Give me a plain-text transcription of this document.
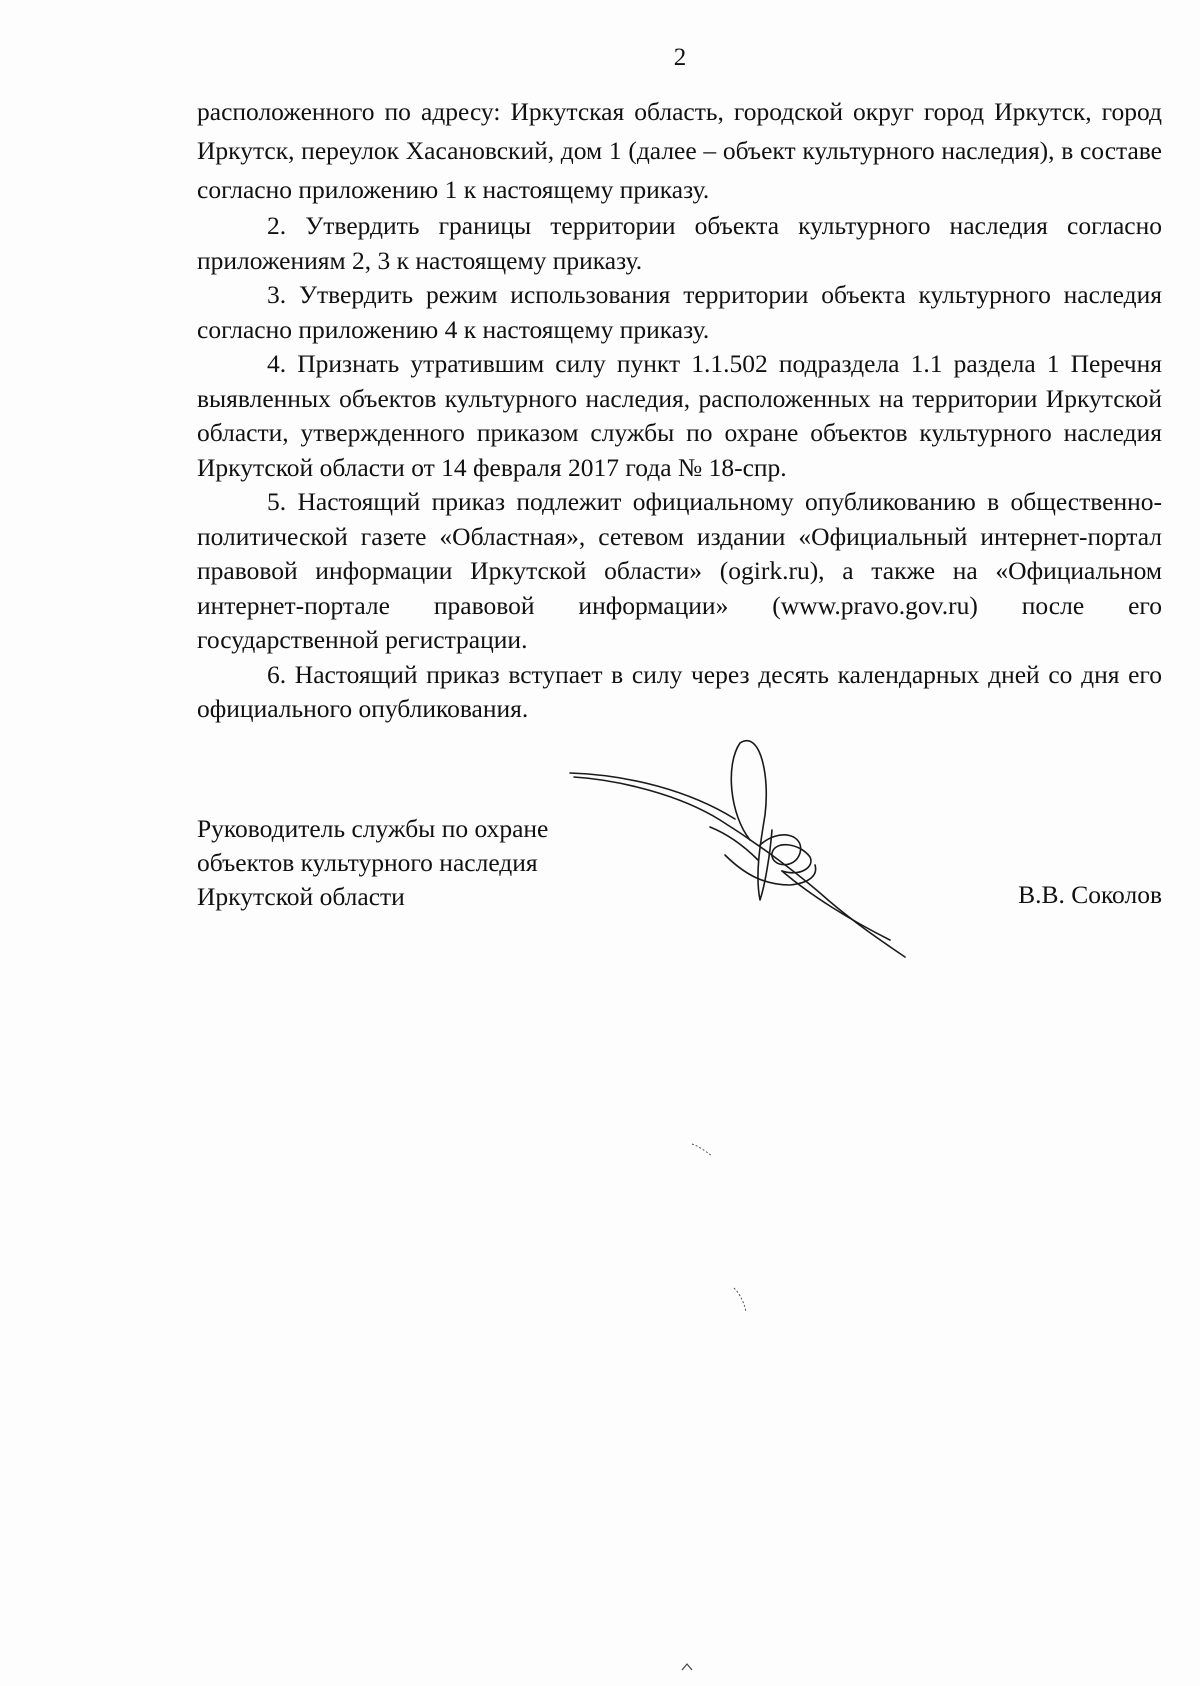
2

расположенного по адресу: Иркутская область, городской округ город Иркутск, город Иркутск, переулок Хасановский, дом 1 (далее – объект культурного наследия), в составе согласно приложению 1 к настоящему приказу.

2. Утвердить границы территории объекта культурного наследия согласно приложениям 2, 3 к настоящему приказу.

3. Утвердить режим использования территории объекта культурного наследия согласно приложению 4 к настоящему приказу.

4. Признать утратившим силу пункт 1.1.502 подраздела 1.1 раздела 1 Перечня выявленных объектов культурного наследия, расположенных на территории Иркутской области, утвержденного приказом службы по охране объектов культурного наследия Иркутской области от 14 февраля 2017 года № 18-спр.

5. Настоящий приказ подлежит официальному опубликованию в общественно-политической газете «Областная», сетевом издании «Официальный интернет-портал правовой информации Иркутской области» (ogirk.ru), а также на «Официальном интернет-портале правовой информации» (www.pravo.gov.ru) после его государственной регистрации.

6. Настоящий приказ вступает в силу через десять календарных дней со дня его официального опубликования.

Руководитель службы по охране
объектов культурного наследия
Иркутской области	В.В. Соколов
